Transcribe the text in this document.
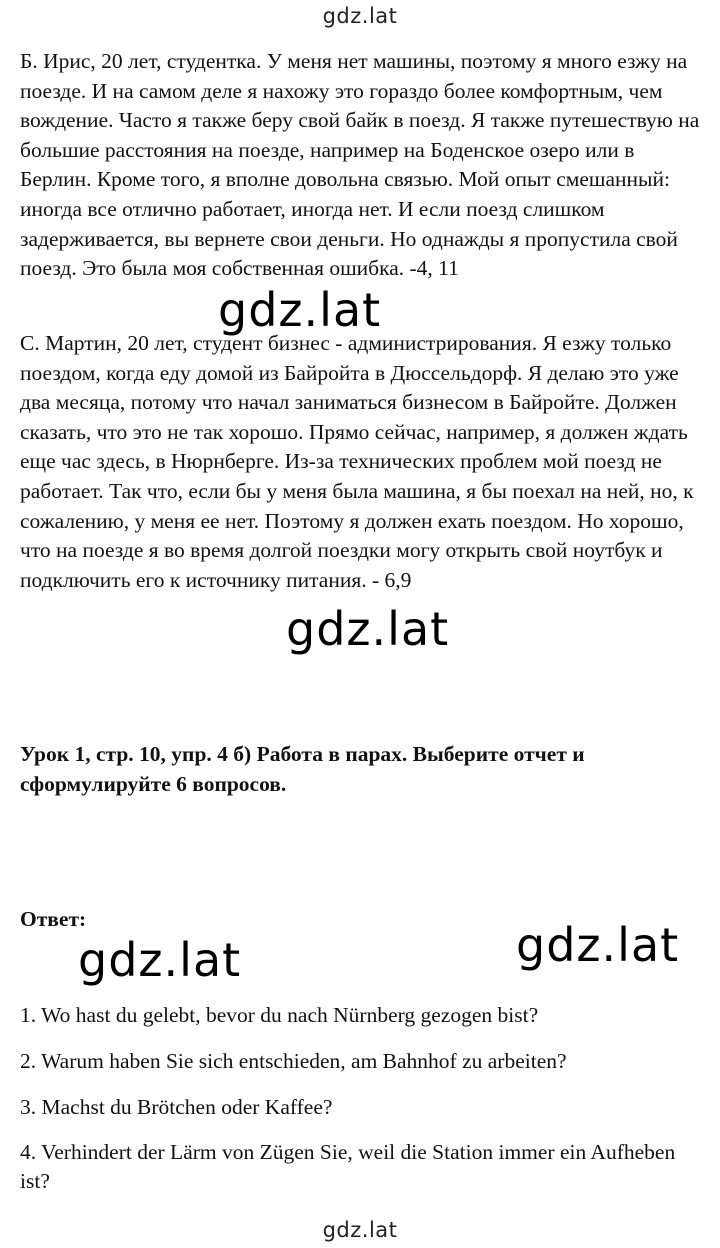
gdz.lat

Б. Ирис, 20 лет, студентка. У меня нет машины, поэтому я много езжу на поезде. И на самом деле я нахожу это гораздо более комфортным, чем вождение. Часто я также беру свой байк в поезд. Я также путешествую на большие расстояния на поезде, например на Боденское озеро или в Берлин. Кроме того, я вполне довольна связью. Мой опыт смешанный: иногда все отлично работает, иногда нет. И если поезд слишком задерживается, вы вернете свои деньги. Но однажды я пропустила свой поезд. Это была моя собственная ошибка. -4, 11

gdz.lat

С. Мартин, 20 лет, студент бизнес - администрирования. Я езжу только поездом, когда еду домой из Байройта в Дюссельдорф. Я делаю это уже два месяца, потому что начал заниматься бизнесом в Байройте. Должен сказать, что это не так хорошо. Прямо сейчас, например, я должен ждать еще час здесь, в Нюрнберге. Из-за технических проблем мой поезд не работает. Так что, если бы у меня была машина, я бы поехал на ней, но, к сожалению, у меня ее нет. Поэтому я должен ехать поездом. Но хорошо, что на поезде я во время долгой поездки могу открыть свой ноутбук и подключить его к источнику питания. - 6,9

gdz.lat

Урок 1, стр. 10, упр. 4 б) Работа в парах. Выберите отчет и сформулируйте 6 вопросов.

Ответ:

gdz.lat	gdz.lat

1. Wo hast du gelebt, bevor du nach Nürnberg gezogen bist?

2. Warum haben Sie sich entschieden, am Bahnhof zu arbeiten?

3. Machst du Brötchen oder Kaffee?

4. Verhindert der Lärm von Zügen Sie, weil die Station immer ein Aufheben ist?

gdz.lat
